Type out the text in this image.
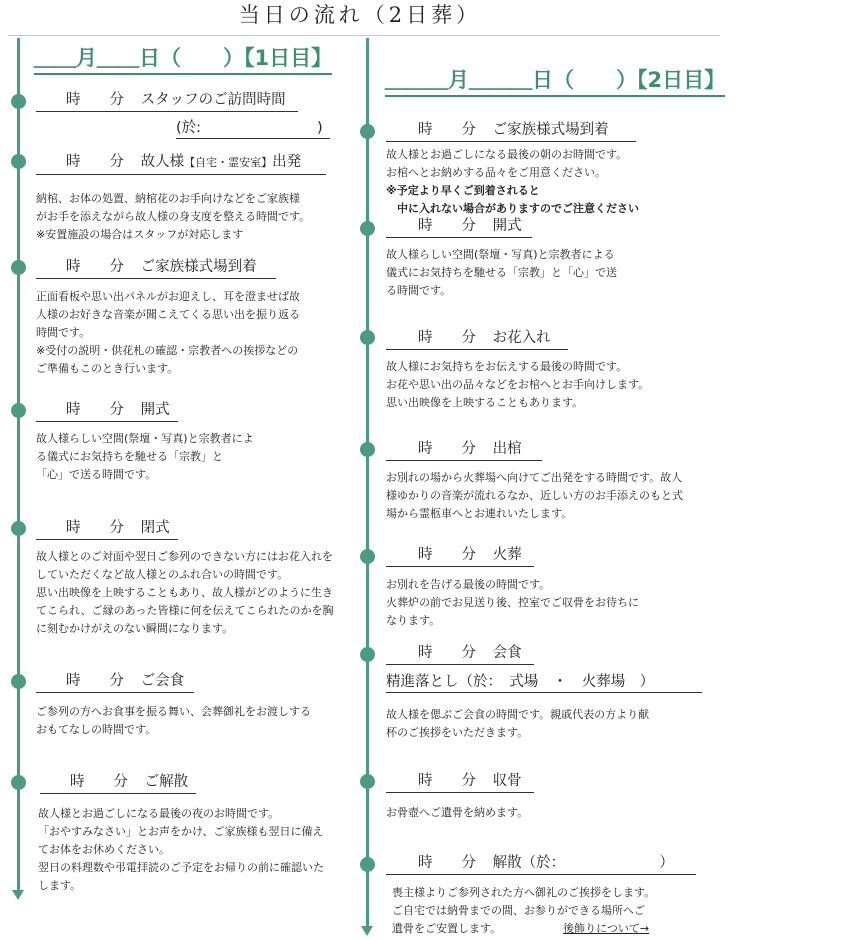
当日の流れ（2日葬）
＿＿月＿＿日（　　）【1日目】
時　　分 スタッフのご訪問時間
(於:　　　　　　　　)
時　　分 故人様【自宅・霊安室】出発
納棺、お体の処置、納棺花のお手向けなどをご家族様
がお手を添えながら故人様の身支度を整える時間です。
※安置施設の場合はスタッフが対応します
時　　分 ご家族様式場到着
正面看板や思い出パネルがお迎えし、耳を澄ませば故
人様のお好きな音楽が聞こえてくる思い出を振り返る
時間です。
※受付の説明・供花札の確認・宗教者への挨拶などの
ご準備もこのとき行います。
時　　分 開式
故人様らしい空間(祭壇・写真)と宗教者によ
る儀式にお気持ちを馳せる「宗教」と
「心」で送る時間です。
時　　分 閉式
故人様とのご対面や翌日ご参列のできない方にはお花入れを
していただくなど故人様とのふれ合いの時間です。
思い出映像を上映することもあり、故人様がどのように生き
てこられ、ご縁のあった皆様に何を伝えてこられたのかを胸
に刻むかけがえのない瞬間になります。
時　　分 ご会食
ご参列の方へお食事を振る舞い、会葬御礼をお渡しする
おもてなしの時間です。
時　　分 ご解散
故人様とお過ごしになる最後の夜のお時間です。
「おやすみなさい」とお声をかけ、ご家族様も翌日に備え
てお体をお休めください。
翌日の料理数や弔電拝読のご予定をお帰りの前に確認いた
します。
＿＿＿月＿＿＿日（　　）【2日目】
時　　分 ご家族様式場到着
故人様とお過ごしになる最後の朝のお時間です。
お棺へとお納めする品々をご用意ください。
※予定より早くご到着されると
　中に入れない場合がありますのでご注意ください
時　　分 開式
故人様らしい空間(祭壇・写真)と宗教者による
儀式にお気持ちを馳せる「宗教」と「心」で送
る時間です。
時　　分 お花入れ
故人様にお気持ちをお伝えする最後の時間です。
お花や思い出の品々などをお棺へとお手向けします。
思い出映像を上映することもあります。
時　　分 出棺
お別れの場から火葬場へ向けてご出発をする時間です。故人
様ゆかりの音楽が流れるなか、近しい方のお手添えのもと式
場から霊柩車へとお連れいたします。
時　　分 火葬
お別れを告げる最後の時間です。
火葬炉の前でお見送り後、控室でご収骨をお待ちに
なります。
時　　分 会食
精進落とし（於：　式場　・　火葬場　）
故人様を偲ぶご会食の時間です。親戚代表の方より献
杯のご挨拶をいただきます。
時　　分 収骨
お骨壺へご遺骨を納めます。
時　　分 解散（於：　　　　　　　）
喪主様よりご参列された方へ御礼のご挨拶をします。
ご自宅では納骨までの間、お参りができる場所へご
遺骨をご安置します。	後飾りについて→
